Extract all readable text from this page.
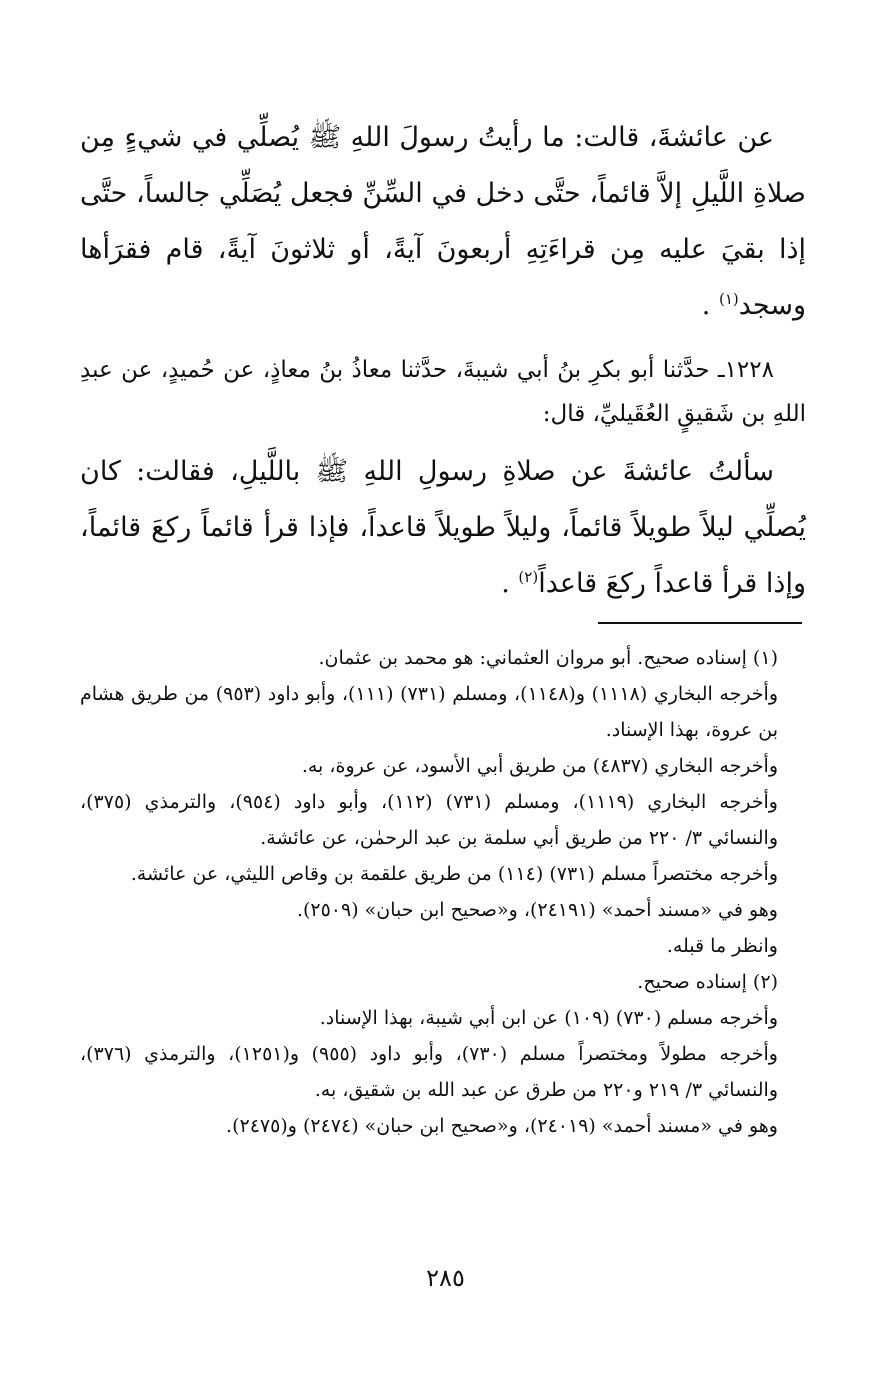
عن عائشةَ، قالت: ما رأيتُ رسولَ اللهِ ﷺ يُصلِّي في شيءٍ مِن صلاةِ اللَّيلِ إلاَّ قائماً، حتَّى دخل في السِّنِّ فجعل يُصَلِّي جالساً، حتَّى إذا بقيَ عليه مِن قراءَتِهِ أربعونَ آيةً، أو ثلاثونَ آيةً، قام فقرَأها وسجد$^{(١)}$ .

١٢٢٨ـ حدَّثنا أبو بكرِ بنُ أبي شيبةَ، حدَّثنا معاذُ بنُ معاذٍ، عن حُميدٍ، عن عبدِ اللهِ بن شَقيقٍ العُقَيليِّ، قال:

سألتُ عائشةَ عن صلاةِ رسولِ اللهِ ﷺ باللَّيلِ، فقالت: كان يُصلِّي ليلاً طويلاً قائماً، وليلاً طويلاً قاعداً، فإذا قرأ قائماً ركعَ قائماً، وإذا قرأ قاعداً ركعَ قاعداً$^{(٢)}$ .

(١) إسناده صحيح. أبو مروان العثماني: هو محمد بن عثمان.

وأخرجه البخاري (١١١٨) و(١١٤٨)، ومسلم (٧٣١) (١١١)، وأبو داود (٩٥٣) من طريق هشام بن عروة، بهذا الإسناد.

وأخرجه البخاري (٤٨٣٧) من طريق أبي الأسود، عن عروة، به.

وأخرجه البخاري (١١١٩)، ومسلم (٧٣١) (١١٢)، وأبو داود (٩٥٤)، والترمذي (٣٧٥)، والنسائي ٣/ ٢٢٠ من طريق أبي سلمة بن عبد الرحمٰن، عن عائشة.

وأخرجه مختصراً مسلم (٧٣١) (١١٤) من طريق علقمة بن وقاص الليثي، عن عائشة.

وهو في «مسند أحمد» (٢٤١٩١)، و«صحيح ابن حبان» (٢٥٠٩).

وانظر ما قبله.

(٢) إسناده صحيح.

وأخرجه مسلم (٧٣٠) (١٠٩) عن ابن أبي شيبة، بهذا الإسناد.

وأخرجه مطولاً ومختصراً مسلم (٧٣٠)، وأبو داود (٩٥٥) و(١٢٥١)، والترمذي (٣٧٦)، والنسائي ٣/ ٢١٩ و٢٢٠ من طرق عن عبد الله بن شقيق، به.

وهو في «مسند أحمد» (٢٤٠١٩)، و«صحيح ابن حبان» (٢٤٧٤) و(٢٤٧٥).

٢٨٥
